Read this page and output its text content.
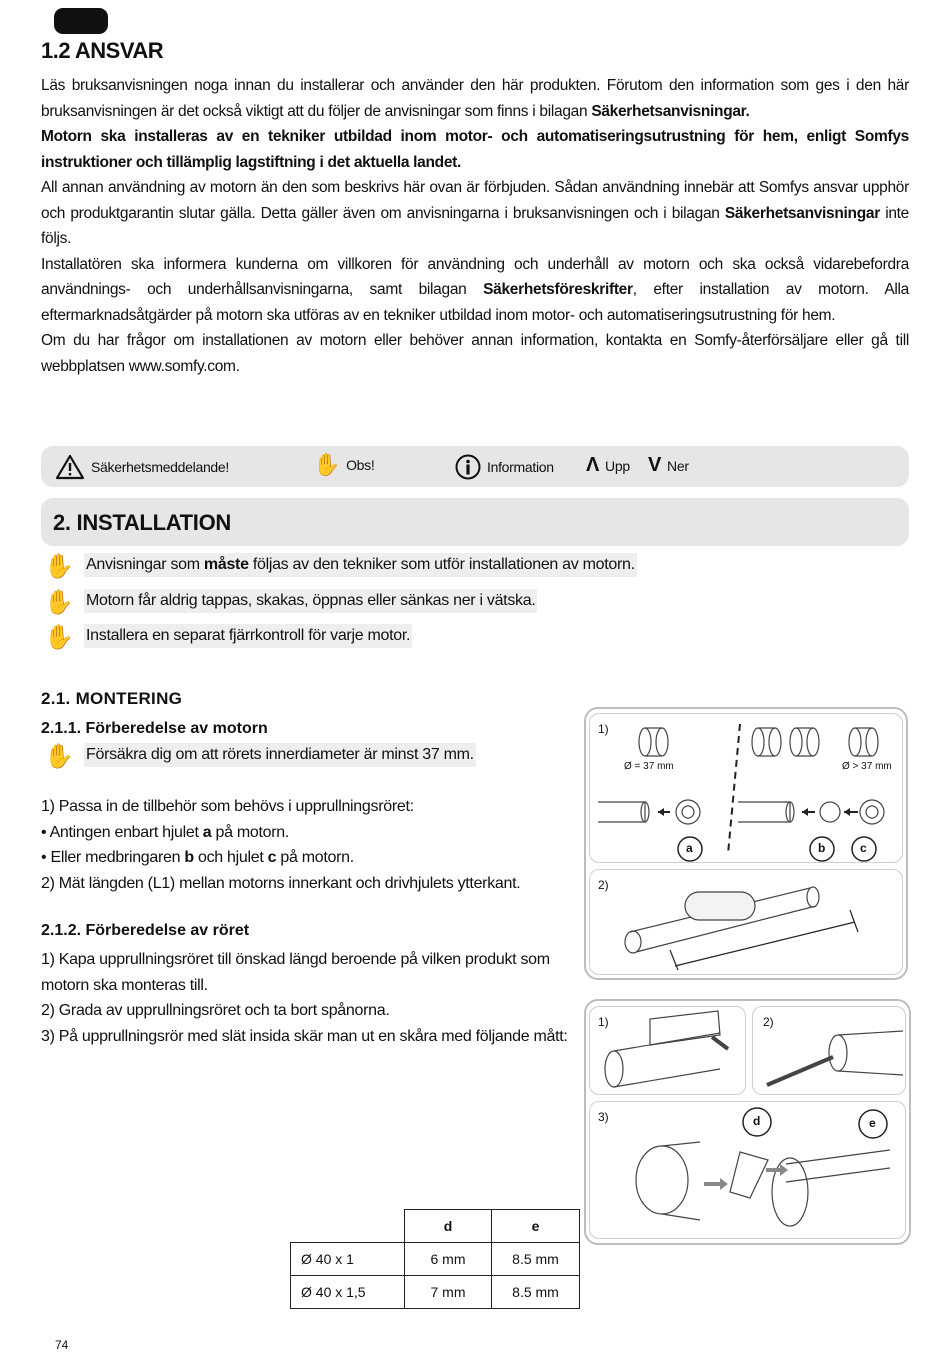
1.2 ANSVAR

Läs bruksanvisningen noga innan du installerar och använder den här produkten. Förutom den information som ges i den här bruksanvisningen är det också viktigt att du följer de anvisningar som finns i bilagan Säkerhetsanvisningar.

Motorn ska installeras av en tekniker utbildad inom motor- och automatiseringsutrustning för hem, enligt Somfys instruktioner och tillämplig lagstiftning i det aktuella landet.

All annan användning av motorn än den som beskrivs här ovan är förbjuden. Sådan användning innebär att Somfys ansvar upphör och produktgarantin slutar gälla. Detta gäller även om anvisningarna i bruksanvisningen och i bilagan Säkerhetsanvisningar inte följs.

Installatören ska informera kunderna om villkoren för användning och underhåll av motorn och ska också vidarebefordra användnings- och underhållsanvisningarna, samt bilagan Säkerhetsföreskrifter, efter installation av motorn. Alla eftermarknadsåtgärder på motorn ska utföras av en tekniker utbildad inom motor- och automatiseringsutrustning för hem.

Om du har frågor om installationen av motorn eller behöver annan information, kontakta en Somfy-återförsäljare eller gå till webbplatsen www.somfy.com.

Säkerhetsmeddelande!	✋ Obs!	Information Λ Upp V Ner
2. INSTALLATION
✋ Anvisningar som måste följas av den tekniker som utför installationen av motorn.
✋ Motorn får aldrig tappas, skakas, öppnas eller sänkas ner i vätska.
✋ Installera en separat fjärrkontroll för varje motor.
2.1. MONTERING
2.1.1. Förberedelse av motorn
✋ Försäkra dig om att rörets innerdiameter är minst 37 mm.
1) Passa in de tillbehör som behövs i upprullningsröret:
• Antingen enbart hjulet a på motorn.
• Eller medbringaren b och hjulet c på motorn.
2) Mät längden (L1) mellan motorns innerkant och drivhjulets ytterkant.
2.1.2. Förberedelse av röret
1) Kapa upprullningsröret till önskad längd beroende på vilken produkt som motorn ska monteras till.
2) Grada av upprullningsröret och ta bort spånorna.
3) På upprullningsrör med slät insida skär man ut en skåra med följande mått:
1)
Ø = 37 mm	Ø > 37 mm
a	b	c
2)
1)	2)
3)	d	e
	d	e
Ø 40 x 1	6 mm	8.5 mm
Ø 40 x 1,5	7 mm	8.5 mm
74
